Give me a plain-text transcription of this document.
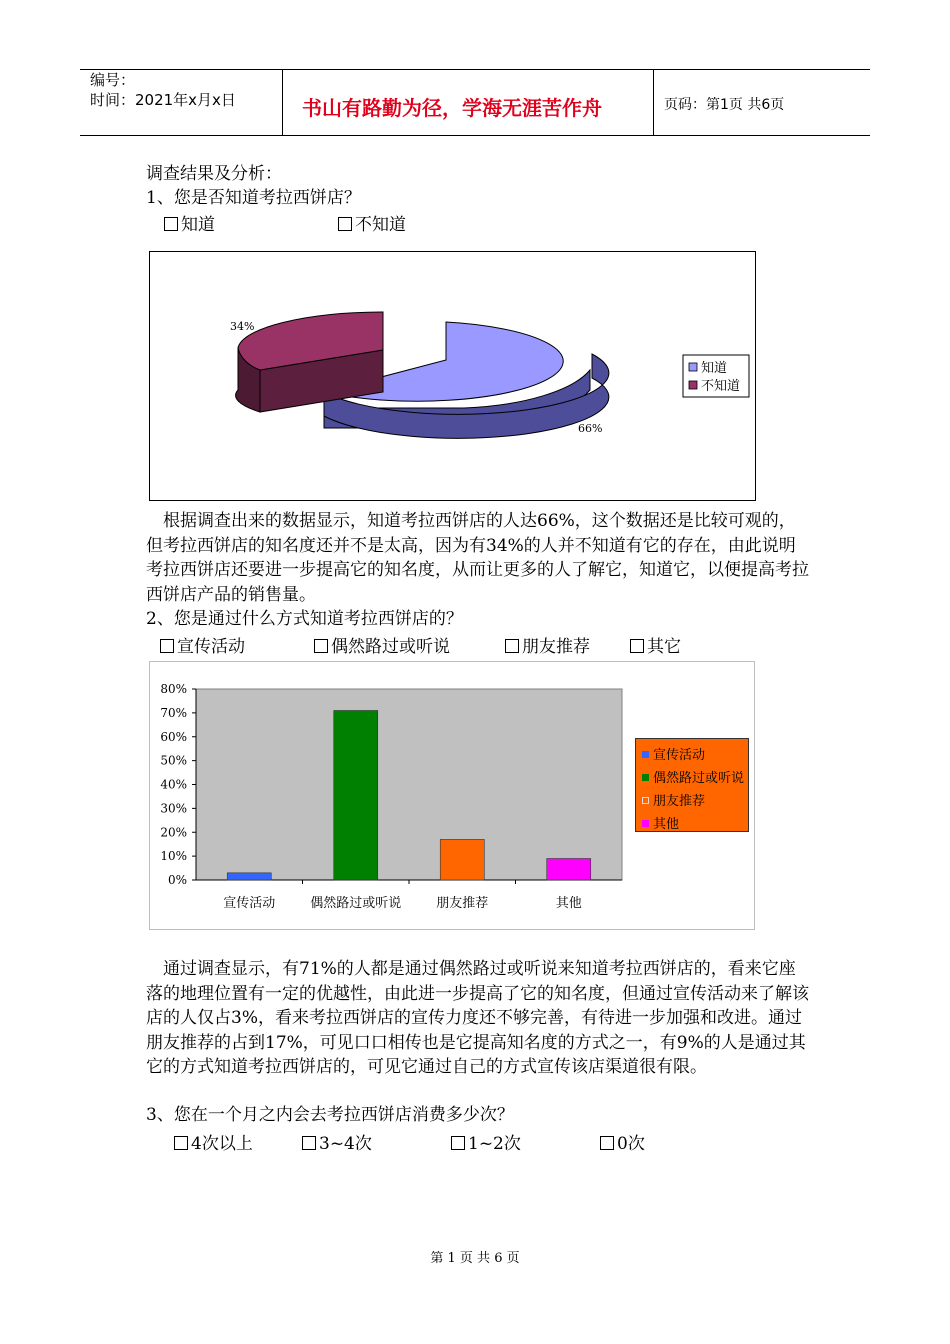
编号：
时间：2021年x月x日	书山有路勤为径，学海无涯苦作舟	页码：第1页 共6页
调查结果及分析：
1、您是否知道考拉西饼店？
知道	不知道
34%
66%
知道
不知道

根据调查出来的数据显示，知道考拉西饼店的人达66%，这个数据还是比较可观的，但考拉西饼店的知名度还并不是太高，因为有34%的人并不知道有它的存在，由此说明考拉西饼店还要进一步提高它的知名度，从而让更多的人了解它，知道它，以便提高考拉西饼店产品的销售量。

2、您是通过什么方式知道考拉西饼店的？
宣传活动	偶然路过或听说	朋友推荐	其它
0%
10%
20%
30%
40%
50%
60%
70%
80%
宣传活动	偶然路过或听说	朋友推荐	其他
宣传活动
偶然路过或听说
朋友推荐
其他

通过调查显示，有71%的人都是通过偶然路过或听说来知道考拉西饼店的，看来它座落的地理位置有一定的优越性，由此进一步提高了它的知名度，但通过宣传活动来了解该店的人仅占3%，看来考拉西饼店的宣传力度还不够完善，有待进一步加强和改进。通过朋友推荐的占到17%，可见口口相传也是它提高知名度的方式之一，有9%的人是通过其它的方式知道考拉西饼店的，可见它通过自己的方式宣传该店渠道很有限。

3、您在一个月之内会去考拉西饼店消费多少次？
4次以上	3~4次	1~2次	0次
第 1 页 共 6 页
